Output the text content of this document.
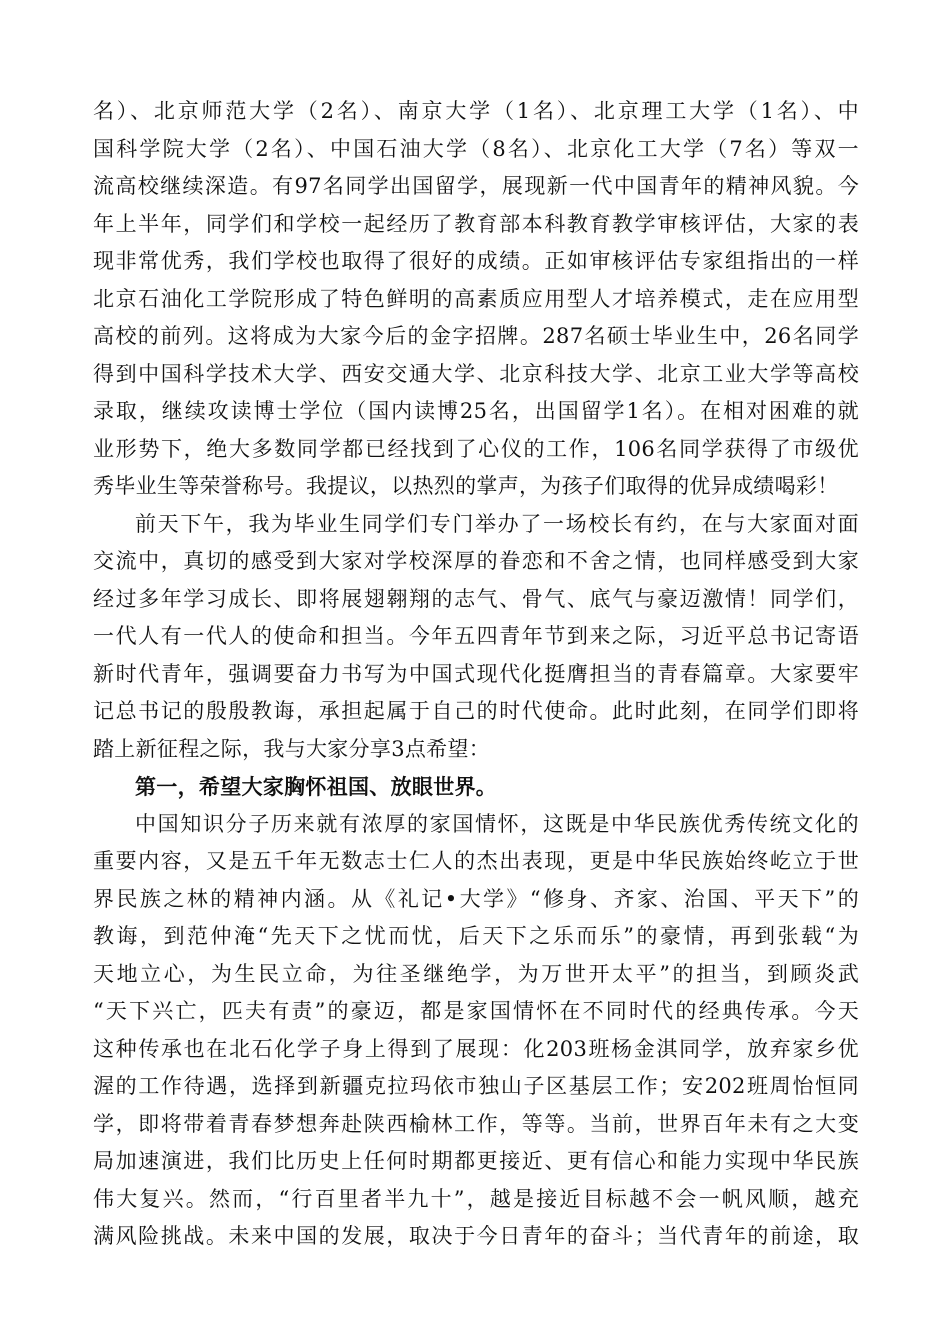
名）、北京师范大学（2名）、南京大学（1名）、北京理工大学（1名）、中
国科学院大学（2名）、中国石油大学（8名）、北京化工大学（7名）等双一
流高校继续深造。有97名同学出国留学，展现新一代中国青年的精神风貌。今
年上半年，同学们和学校一起经历了教育部本科教育教学审核评估，大家的表
现非常优秀，我们学校也取得了很好的成绩。正如审核评估专家组指出的一样
北京石油化工学院形成了特色鲜明的高素质应用型人才培养模式，走在应用型
高校的前列。这将成为大家今后的金字招牌。287名硕士毕业生中，26名同学
得到中国科学技术大学、西安交通大学、北京科技大学、北京工业大学等高校
录取，继续攻读博士学位（国内读博25名，出国留学1名）。在相对困难的就
业形势下，绝大多数同学都已经找到了心仪的工作，106名同学获得了市级优
秀毕业生等荣誉称号。我提议，以热烈的掌声，为孩子们取得的优异成绩喝彩！
前天下午，我为毕业生同学们专门举办了一场校长有约，在与大家面对面
交流中，真切的感受到大家对学校深厚的眷恋和不舍之情，也同样感受到大家
经过多年学习成长、即将展翅翱翔的志气、骨气、底气与豪迈激情！同学们，
一代人有一代人的使命和担当。今年五四青年节到来之际，习近平总书记寄语
新时代青年，强调要奋力书写为中国式现代化挺膺担当的青春篇章。大家要牢
记总书记的殷殷教诲，承担起属于自己的时代使命。此时此刻，在同学们即将
踏上新征程之际，我与大家分享3点希望：
第一，希望大家胸怀祖国、放眼世界。
中国知识分子历来就有浓厚的家国情怀，这既是中华民族优秀传统文化的
重要内容，又是五千年无数志士仁人的杰出表现，更是中华民族始终屹立于世
界民族之林的精神内涵。从《礼记•大学》“修身、齐家、治国、平天下”的
教诲，到范仲淹“先天下之忧而忧，后天下之乐而乐”的豪情，再到张载“为
天地立心，为生民立命，为往圣继绝学，为万世开太平”的担当，到顾炎武
“天下兴亡，匹夫有责”的豪迈，都是家国情怀在不同时代的经典传承。今天
这种传承也在北石化学子身上得到了展现：化203班杨金淇同学，放弃家乡优
渥的工作待遇，选择到新疆克拉玛依市独山子区基层工作；安202班周怡恒同
学，即将带着青春梦想奔赴陕西榆林工作，等等。当前，世界百年未有之大变
局加速演进，我们比历史上任何时期都更接近、更有信心和能力实现中华民族
伟大复兴。然而，“行百里者半九十”，越是接近目标越不会一帆风顺，越充
满风险挑战。未来中国的发展，取决于今日青年的奋斗；当代青年的前途，取
